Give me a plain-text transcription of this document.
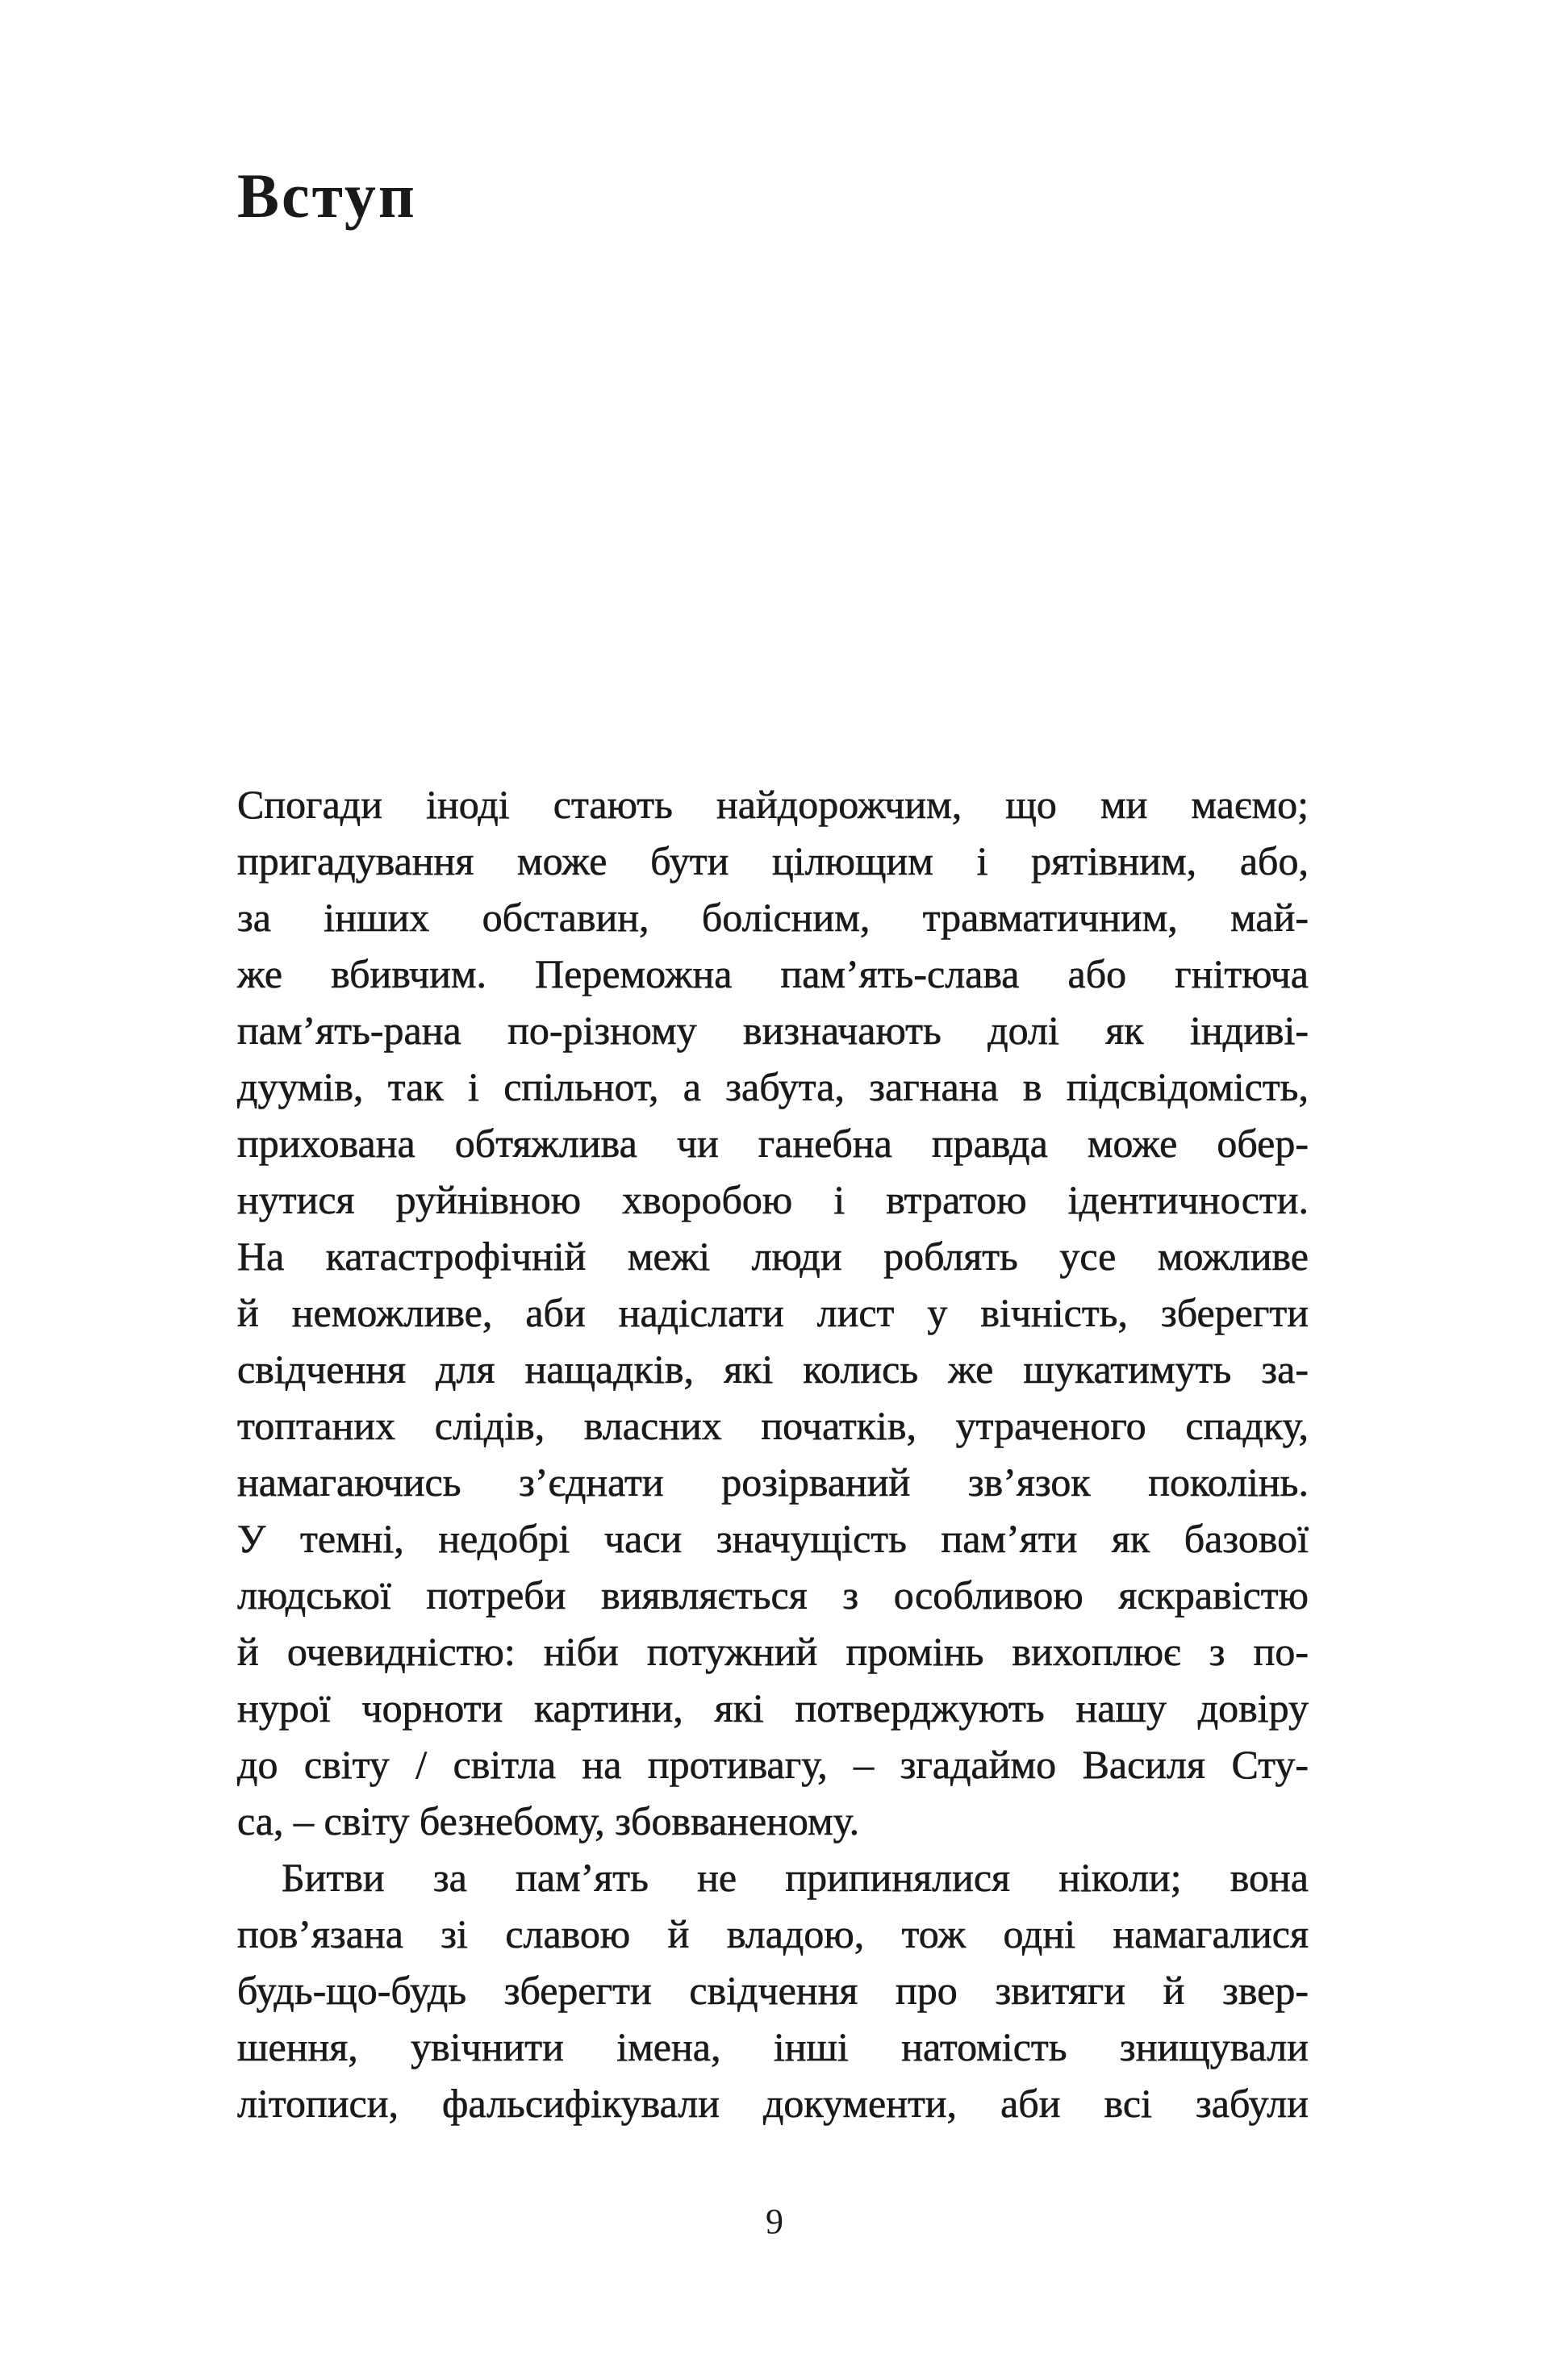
Вступ
Спогади іноді стають найдорожчим, що ми маємо;
пригадування може бути цілющим і рятівним, або,
за інших обставин, болісним, травматичним, май-
же вбивчим. Переможна пам’ять-слава або гнітюча
пам’ять-рана по-різному визначають долі як індиві-
дуумів, так і спільнот, а забута, загнана в підсвідомість,
прихована обтяжлива чи ганебна правда може обер-
нутися руйнівною хворобою і втратою ідентичности.
На катастрофічній межі люди роблять усе можливе
й неможливе, аби надіслати лист у вічність, зберегти
свідчення для нащадків, які колись же шукатимуть за-
топтаних слідів, власних початків, утраченого спадку,
намагаючись з’єднати розірваний зв’язок поколінь.
У темні, недобрі часи значущість пам’яти як базової
людської потреби виявляється з особливою яскравістю
й очевидністю: ніби потужний промінь вихоплює з по-
нурої чорноти картини, які потверджують нашу довіру
до світу / світла на противагу, – згадаймо Василя Сту-
са, – світу безнебому, збовваненому.
Битви за пам’ять не припинялися ніколи; вона
пов’язана зі славою й владою, тож одні намагалися
будь-що-будь зберегти свідчення про звитяги й звер-
шення, увічнити імена, інші натомість знищували
літописи, фальсифікували документи, аби всі забули
9
